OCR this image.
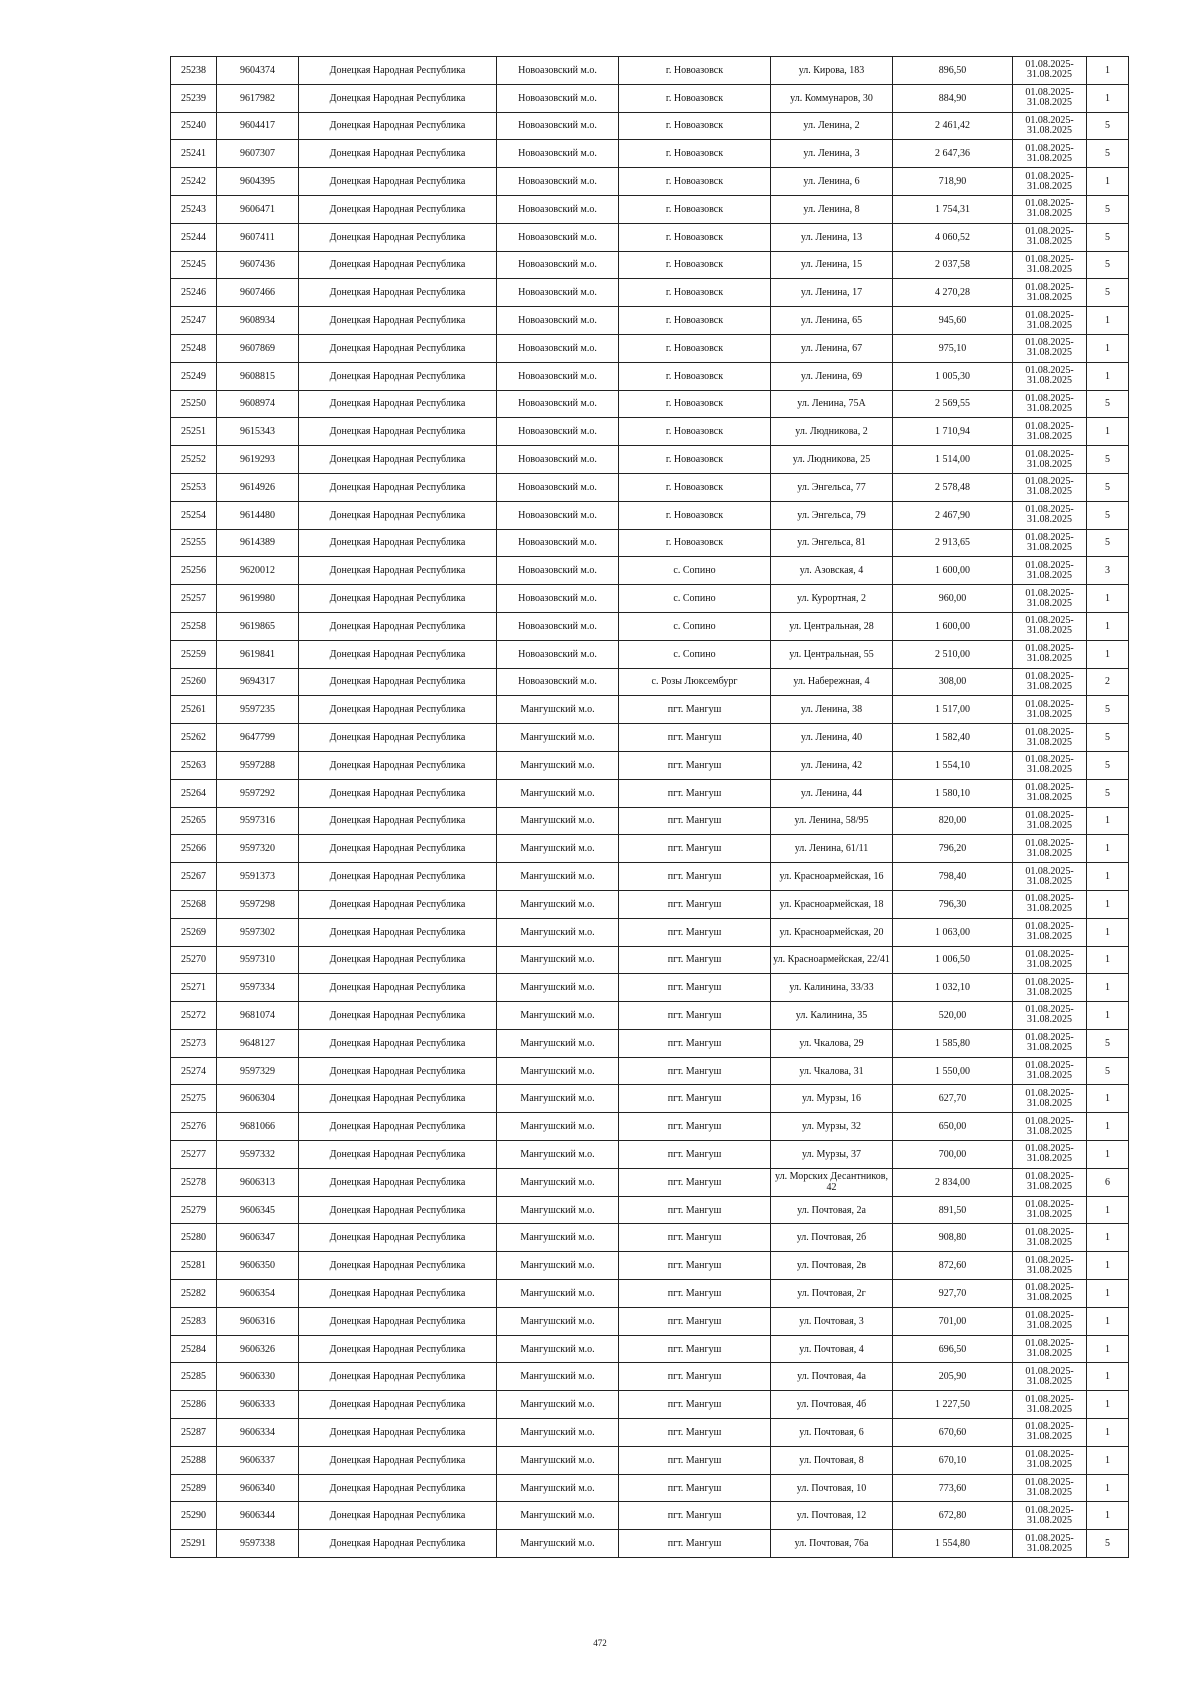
25238	9604374	Донецкая Народная Республика	Новоазовский м.о.	г. Новоазовск	ул. Кирова, 183	896,50	01.08.2025-31.08.2025	1
25239	9617982	Донецкая Народная Республика	Новоазовский м.о.	г. Новоазовск	ул. Коммунаров, 30	884,90	01.08.2025-31.08.2025	1
25240	9604417	Донецкая Народная Республика	Новоазовский м.о.	г. Новоазовск	ул. Ленина, 2	2 461,42	01.08.2025-31.08.2025	5
25241	9607307	Донецкая Народная Республика	Новоазовский м.о.	г. Новоазовск	ул. Ленина, 3	2 647,36	01.08.2025-31.08.2025	5
25242	9604395	Донецкая Народная Республика	Новоазовский м.о.	г. Новоазовск	ул. Ленина, 6	718,90	01.08.2025-31.08.2025	1
25243	9606471	Донецкая Народная Республика	Новоазовский м.о.	г. Новоазовск	ул. Ленина, 8	1 754,31	01.08.2025-31.08.2025	5
25244	9607411	Донецкая Народная Республика	Новоазовский м.о.	г. Новоазовск	ул. Ленина, 13	4 060,52	01.08.2025-31.08.2025	5
25245	9607436	Донецкая Народная Республика	Новоазовский м.о.	г. Новоазовск	ул. Ленина, 15	2 037,58	01.08.2025-31.08.2025	5
25246	9607466	Донецкая Народная Республика	Новоазовский м.о.	г. Новоазовск	ул. Ленина, 17	4 270,28	01.08.2025-31.08.2025	5
25247	9608934	Донецкая Народная Республика	Новоазовский м.о.	г. Новоазовск	ул. Ленина, 65	945,60	01.08.2025-31.08.2025	1
25248	9607869	Донецкая Народная Республика	Новоазовский м.о.	г. Новоазовск	ул. Ленина, 67	975,10	01.08.2025-31.08.2025	1
25249	9608815	Донецкая Народная Республика	Новоазовский м.о.	г. Новоазовск	ул. Ленина, 69	1 005,30	01.08.2025-31.08.2025	1
25250	9608974	Донецкая Народная Республика	Новоазовский м.о.	г. Новоазовск	ул. Ленина, 75А	2 569,55	01.08.2025-31.08.2025	5
25251	9615343	Донецкая Народная Республика	Новоазовский м.о.	г. Новоазовск	ул. Людникова, 2	1 710,94	01.08.2025-31.08.2025	1
25252	9619293	Донецкая Народная Республика	Новоазовский м.о.	г. Новоазовск	ул. Людникова, 25	1 514,00	01.08.2025-31.08.2025	5
25253	9614926	Донецкая Народная Республика	Новоазовский м.о.	г. Новоазовск	ул. Энгельса, 77	2 578,48	01.08.2025-31.08.2025	5
25254	9614480	Донецкая Народная Республика	Новоазовский м.о.	г. Новоазовск	ул. Энгельса, 79	2 467,90	01.08.2025-31.08.2025	5
25255	9614389	Донецкая Народная Республика	Новоазовский м.о.	г. Новоазовск	ул. Энгельса, 81	2 913,65	01.08.2025-31.08.2025	5
25256	9620012	Донецкая Народная Республика	Новоазовский м.о.	с. Сопино	ул. Азовская, 4	1 600,00	01.08.2025-31.08.2025	3
25257	9619980	Донецкая Народная Республика	Новоазовский м.о.	с. Сопино	ул. Курортная, 2	960,00	01.08.2025-31.08.2025	1
25258	9619865	Донецкая Народная Республика	Новоазовский м.о.	с. Сопино	ул. Центральная, 28	1 600,00	01.08.2025-31.08.2025	1
25259	9619841	Донецкая Народная Республика	Новоазовский м.о.	с. Сопино	ул. Центральная, 55	2 510,00	01.08.2025-31.08.2025	1
25260	9694317	Донецкая Народная Республика	Новоазовский м.о.	с. Розы Люксембург	ул. Набережная, 4	308,00	01.08.2025-31.08.2025	2
25261	9597235	Донецкая Народная Республика	Мангушский м.о.	пгт. Мангуш	ул. Ленина, 38	1 517,00	01.08.2025-31.08.2025	5
25262	9647799	Донецкая Народная Республика	Мангушский м.о.	пгт. Мангуш	ул. Ленина, 40	1 582,40	01.08.2025-31.08.2025	5
25263	9597288	Донецкая Народная Республика	Мангушский м.о.	пгт. Мангуш	ул. Ленина, 42	1 554,10	01.08.2025-31.08.2025	5
25264	9597292	Донецкая Народная Республика	Мангушский м.о.	пгт. Мангуш	ул. Ленина, 44	1 580,10	01.08.2025-31.08.2025	5
25265	9597316	Донецкая Народная Республика	Мангушский м.о.	пгт. Мангуш	ул. Ленина, 58/95	820,00	01.08.2025-31.08.2025	1
25266	9597320	Донецкая Народная Республика	Мангушский м.о.	пгт. Мангуш	ул. Ленина, 61/11	796,20	01.08.2025-31.08.2025	1
25267	9591373	Донецкая Народная Республика	Мангушский м.о.	пгт. Мангуш	ул. Красноармейская, 16	798,40	01.08.2025-31.08.2025	1
25268	9597298	Донецкая Народная Республика	Мангушский м.о.	пгт. Мангуш	ул. Красноармейская, 18	796,30	01.08.2025-31.08.2025	1
25269	9597302	Донецкая Народная Республика	Мангушский м.о.	пгт. Мангуш	ул. Красноармейская, 20	1 063,00	01.08.2025-31.08.2025	1
25270	9597310	Донецкая Народная Республика	Мангушский м.о.	пгт. Мангуш	ул. Красноармейская, 22/41	1 006,50	01.08.2025-31.08.2025	1
25271	9597334	Донецкая Народная Республика	Мангушский м.о.	пгт. Мангуш	ул. Калинина, 33/33	1 032,10	01.08.2025-31.08.2025	1
25272	9681074	Донецкая Народная Республика	Мангушский м.о.	пгт. Мангуш	ул. Калинина, 35	520,00	01.08.2025-31.08.2025	1
25273	9648127	Донецкая Народная Республика	Мангушский м.о.	пгт. Мангуш	ул. Чкалова, 29	1 585,80	01.08.2025-31.08.2025	5
25274	9597329	Донецкая Народная Республика	Мангушский м.о.	пгт. Мангуш	ул. Чкалова, 31	1 550,00	01.08.2025-31.08.2025	5
25275	9606304	Донецкая Народная Республика	Мангушский м.о.	пгт. Мангуш	ул. Мурзы, 16	627,70	01.08.2025-31.08.2025	1
25276	9681066	Донецкая Народная Республика	Мангушский м.о.	пгт. Мангуш	ул. Мурзы, 32	650,00	01.08.2025-31.08.2025	1
25277	9597332	Донецкая Народная Республика	Мангушский м.о.	пгт. Мангуш	ул. Мурзы, 37	700,00	01.08.2025-31.08.2025	1
25278	9606313	Донецкая Народная Республика	Мангушский м.о.	пгт. Мангуш	ул. Морских Десантников, 42	2 834,00	01.08.2025-31.08.2025	6
25279	9606345	Донецкая Народная Республика	Мангушский м.о.	пгт. Мангуш	ул. Почтовая, 2а	891,50	01.08.2025-31.08.2025	1
25280	9606347	Донецкая Народная Республика	Мангушский м.о.	пгт. Мангуш	ул. Почтовая, 2б	908,80	01.08.2025-31.08.2025	1
25281	9606350	Донецкая Народная Республика	Мангушский м.о.	пгт. Мангуш	ул. Почтовая, 2в	872,60	01.08.2025-31.08.2025	1
25282	9606354	Донецкая Народная Республика	Мангушский м.о.	пгт. Мангуш	ул. Почтовая, 2г	927,70	01.08.2025-31.08.2025	1
25283	9606316	Донецкая Народная Республика	Мангушский м.о.	пгт. Мангуш	ул. Почтовая, 3	701,00	01.08.2025-31.08.2025	1
25284	9606326	Донецкая Народная Республика	Мангушский м.о.	пгт. Мангуш	ул. Почтовая, 4	696,50	01.08.2025-31.08.2025	1
25285	9606330	Донецкая Народная Республика	Мангушский м.о.	пгт. Мангуш	ул. Почтовая, 4а	205,90	01.08.2025-31.08.2025	1
25286	9606333	Донецкая Народная Республика	Мангушский м.о.	пгт. Мангуш	ул. Почтовая, 4б	1 227,50	01.08.2025-31.08.2025	1
25287	9606334	Донецкая Народная Республика	Мангушский м.о.	пгт. Мангуш	ул. Почтовая, 6	670,60	01.08.2025-31.08.2025	1
25288	9606337	Донецкая Народная Республика	Мангушский м.о.	пгт. Мангуш	ул. Почтовая, 8	670,10	01.08.2025-31.08.2025	1
25289	9606340	Донецкая Народная Республика	Мангушский м.о.	пгт. Мангуш	ул. Почтовая, 10	773,60	01.08.2025-31.08.2025	1
25290	9606344	Донецкая Народная Республика	Мангушский м.о.	пгт. Мангуш	ул. Почтовая, 12	672,80	01.08.2025-31.08.2025	1
25291	9597338	Донецкая Народная Республика	Мангушский м.о.	пгт. Мангуш	ул. Почтовая, 76а	1 554,80	01.08.2025-31.08.2025	5
472
